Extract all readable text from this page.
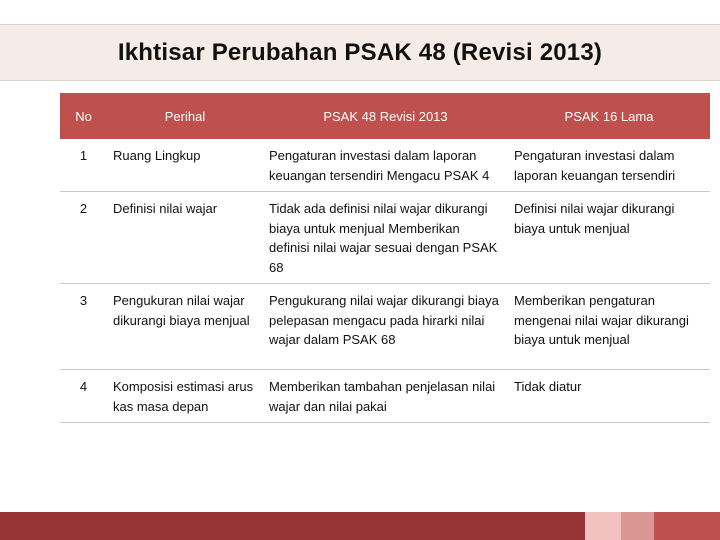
Ikhtisar Perubahan PSAK 48 (Revisi 2013)
No	Perihal	PSAK 48 Revisi 2013	PSAK 16 Lama
1	Ruang Lingkup	Pengaturan investasi dalam laporan keuangan tersendiri Mengacu PSAK 4	Pengaturan investasi dalam laporan keuangan tersendiri
2	Definisi nilai wajar	Tidak ada definisi nilai wajar dikurangi biaya untuk menjual Memberikan definisi nilai wajar sesuai dengan PSAK 68	Definisi nilai wajar dikurangi biaya untuk menjual
3	Pengukuran nilai wajar dikurangi biaya menjual	Pengukurang nilai wajar dikurangi biaya pelepasan mengacu pada hirarki nilai wajar dalam PSAK 68	Memberikan pengaturan mengenai nilai wajar dikurangi biaya untuk menjual
4	Komposisi estimasi arus kas masa depan	Memberikan tambahan penjelasan nilai wajar dan nilai pakai	Tidak diatur
